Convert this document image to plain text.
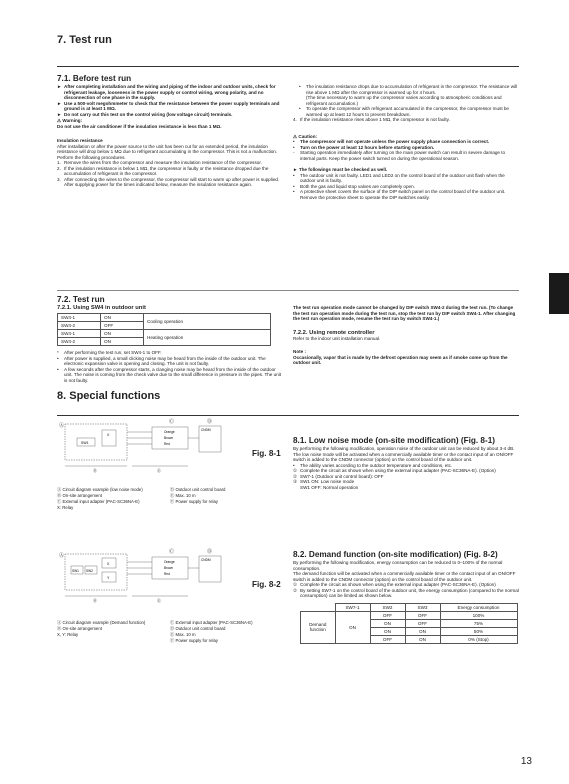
7. Test run
7.1. Before test run
► After completing installation and the wiring and piping of the indoor and outdoor units, check for refrigerant leakage, looseness in the power supply or control wiring, wrong polarity, and no disconnection of one phase in the supply.
► Use a 500-volt megohmmeter to check that the resistance between the power supply terminals and ground is at least 1 MΩ.
► Do not carry out this test on the control wiring (low voltage circuit) terminals.

⚠ Warning:

Do not use the air conditioner if the insulation resistance is less than 1 MΩ.

Insulation resistance

After installation or after the power source to the unit has been cut for an extended period, the insulation resistance will drop below 1 MΩ due to refrigerant accumulating in the compressor. This is not a malfunction. Perform the following procedures.

1. Remove the wires from the compressor and measure the insulation resistance of the compressor.
2. If the insulation resistance is below 1 MΩ, the compressor is faulty or the resistance dropped due the accumulation of refrigerant in the compressor.
3. After connecting the wires to the compressor, the compressor will start to warm up after power is supplied. After supplying power for the times indicated below, measure the insulation resistance again.
• The insulation resistance drops due to accumulation of refrigerant in the compressor. The resistance will rise above 1 MΩ after the compressor is warmed up for 4 hours.
(The time necessary to warm up the compressor varies according to atmospheric conditions and refrigerant accumulation.)
• To operate the compressor with refrigerant accumulated in the compressor, the compressor must be warmed up at least 12 hours to prevent breakdown.
4. If the insulation resistance rises above 1 MΩ, the compressor is not faulty.

⚠ Caution:

• The compressor will not operate unless the power supply phase connection is correct.
• Turn on the power at least 12 hours before starting operation.
- Starting operation immediately after turning on the main power switch can result in severe damage to internal parts. Keep the power switch turned on during the operational season.

► The followings must be checked as well.

• The outdoor unit is not faulty. LED1 and LED2 on the control board of the outdoor unit flash when the outdoor unit is faulty.
• Both the gas and liquid stop valves are completely open.
• A protective sheet covers the surface of the DIP switch panel on the control board of the outdoor unit. Remove the protective sheet to operate the DIP switches easily.
7.2. Test run
7.2.1. Using SW4 in outdoor unit
SW4-1	ON	Cooling operation
SW4-2	OFF	
SW4-1	ON	Heating operation
SW4-2	ON	
* After performing the test run, set SW4-1 to OFF.
• After power is supplied, a small clicking noise may be heard from the inside of the outdoor unit. The electronic expansion valve is opening and closing. The unit is not faulty.
• A few seconds after the compressor starts, a clanging noise may be heard from the inside of the outdoor unit. The noise is coming from the check valve due to the small difference in pressure in the pipes. The unit is not faulty.

The test run operation mode cannot be changed by DIP switch SW4-2 during the test run. (To change the test run operation mode during the test run, stop the test run by DIP switch SW4-1. After changing the test run operation mode, resume the test run by switch SW4-1.)

7.2.2. Using remote controller

Refer to the indoor unit installation manual.

Note :

Occasionally, vapor that is made by the defrost operation may seem as if smoke come up from the outdoor unit.

8. Special functions
Ⓐ
SW1
X
Ⓒ
Orange
Brown
Red
Ⓓ
CNDM
Ⓑ	Ⓔ
Fig. 8-1

Ⓐ Circuit diagram example (low noise mode)

Ⓑ On-site arrangement

Ⓒ External input adapter (PAC-SC36NA-E)

X: Relay

Ⓓ Outdoor unit control board

Ⓔ Max. 10 m

Ⓕ Power supply for relay

8.1. Low noise mode (on-site modification) (Fig. 8-1)

By performing the following modification, operation noise of the outdoor unit can be reduced by about 3-4 dB.

The low noise mode will be activated when a commercially available timer or the contact input of an ON/OFF switch is added to the CNDM connector (option) on the control board of the outdoor unit.

• The ability varies according to the outdoor temperature and conditions, etc.
① Complete the circuit as shown when using the external input adapter (PAC-SC36NA-E). (Option)
② SW7-1 (Outdoor unit control board): OFF
③ SW1 ON: Low noise mode
SW1 OFF: Normal operation
Ⓐ
SW1 SW2
X
Y
Ⓒ
Orange
Brown
Red
Ⓓ
CNDM
Ⓑ	Ⓔ
Fig. 8-2

Ⓐ Circuit diagram example (Demand function)

Ⓑ On-site arrangement

X, Y: Relay

Ⓒ External input adapter (PAC-SC36NA-E)

Ⓓ Outdoor unit control board

Ⓔ Max. 10 m

Ⓕ Power supply for relay

8.2. Demand function (on-site modification) (Fig. 8-2)

By performing the following modification, energy consumption can be reduced to 0–100% of the normal consumption.

The demand function will be activated when a commercially available timer or the contact input of an ON/OFF switch is added to the CNDM connector (option) on the control board of the outdoor unit.

① Complete the circuit as shown when using the external input adapter (PAC-SC36NA-E). (Option)
② By setting SW7-1 on the control board of the outdoor unit, the energy consumption (compared to the normal consumption) can be limited as shown below.
	SW7-1	SW2	SW3	Energy consumption
Demand function	ON	OFF	OFF	100%
		ON	OFF	75%
		ON	ON	50%
		OFF	ON	0% (Stop)
13
